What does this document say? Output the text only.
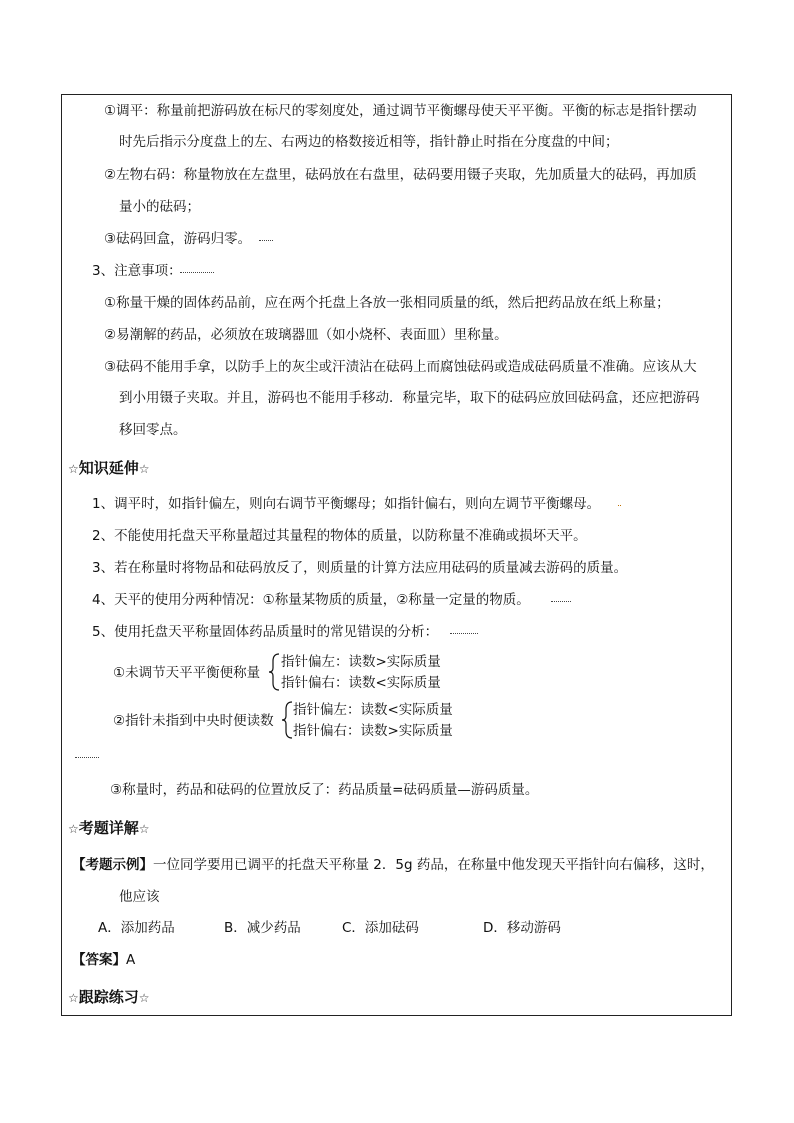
①调平：称量前把游码放在标尺的零刻度处，通过调节平衡螺母使天平平衡。平衡的标志是指针摆动
时先后指示分度盘上的左、右两边的格数接近相等，指针静止时指在分度盘的中间；
②左物右码：称量物放在左盘里，砝码放在右盘里，砝码要用镊子夹取，先加质量大的砝码，再加质
量小的砝码；
③砝码回盒，游码归零。
3、注意事项：
①称量干燥的固体药品前，应在两个托盘上各放一张相同质量的纸，然后把药品放在纸上称量；
②易潮解的药品，必须放在玻璃器皿（如小烧杯、表面皿）里称量。
③砝码不能用手拿，以防手上的灰尘或汗渍沾在砝码上而腐蚀砝码或造成砝码质量不准确。应该从大
到小用镊子夹取。并且，游码也不能用手移动．称量完毕，取下的砝码应放回砝码盒，还应把游码
移回零点。
☆知识延伸☆
1、调平时，如指针偏左，则向右调节平衡螺母；如指针偏右，则向左调节平衡螺母。
2、不能使用托盘天平称量超过其量程的物体的质量，以防称量不准确或损坏天平。
3、若在称量时将物品和砝码放反了，则质量的计算方法应用砝码的质量减去游码的质量。
4、天平的使用分两种情况：①称量某物质的质量，②称量一定量的物质。
5、使用托盘天平称量固体药品质量时的常见错误的分析：
①未调节天平平衡便称量
指针偏左：读数>实际质量
指针偏右：读数<实际质量
②指针未指到中央时便读数
指针偏左：读数<实际质量
指针偏右：读数>实际质量
③称量时，药品和砝码的位置放反了：药品质量=砝码质量—游码质量。
☆考题详解☆
【考题示例】一位同学要用已调平的托盘天平称量 2．5g 药品，在称量中他发现天平指针向右偏移，这时，
他应该
A．添加药品	B．减少药品	C．添加砝码	D．移动游码
【答案】A
☆跟踪练习☆
